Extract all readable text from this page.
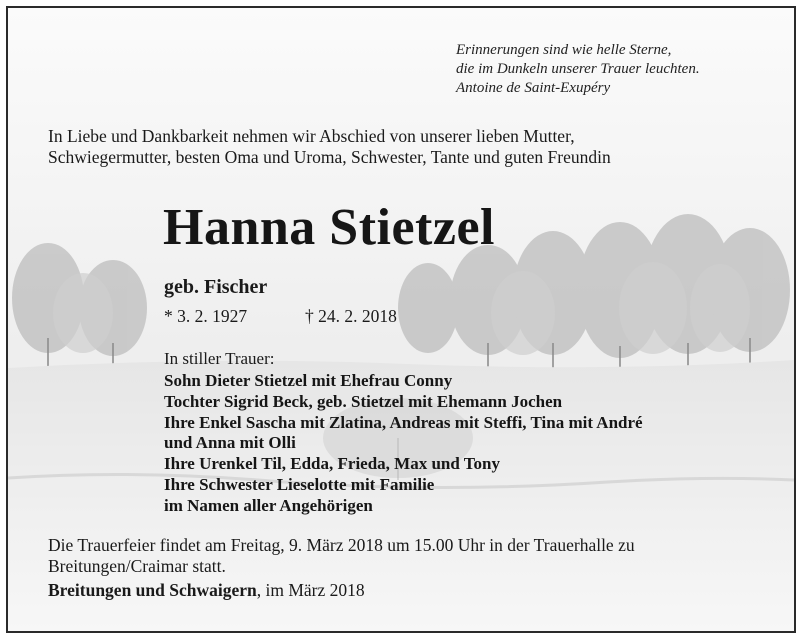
Erinnerungen sind wie helle Sterne,
die im Dunkeln unserer Trauer leuchten.
Antoine de Saint-Exupéry
In Liebe und Dankbarkeit nehmen wir Abschied von unserer lieben Mutter,
Schwiegermutter, besten Oma und Uroma, Schwester, Tante und guten Freundin
Hanna Stietzel
geb. Fischer
* 3. 2. 1927	† 24. 2. 2018
In stiller Trauer:
Sohn Dieter Stietzel mit Ehefrau Conny
Tochter Sigrid Beck, geb. Stietzel mit Ehemann Jochen
Ihre Enkel Sascha mit Zlatina, Andreas mit Steffi, Tina mit André
und Anna mit Olli
Ihre Urenkel Til, Edda, Frieda, Max und Tony
Ihre Schwester Lieselotte mit Familie
im Namen aller Angehörigen
Die Trauerfeier findet am Freitag, 9. März 2018 um 15.00 Uhr in der Trauerhalle zu
Breitungen/Craimar statt.
Breitungen und Schwaigern, im März 2018
